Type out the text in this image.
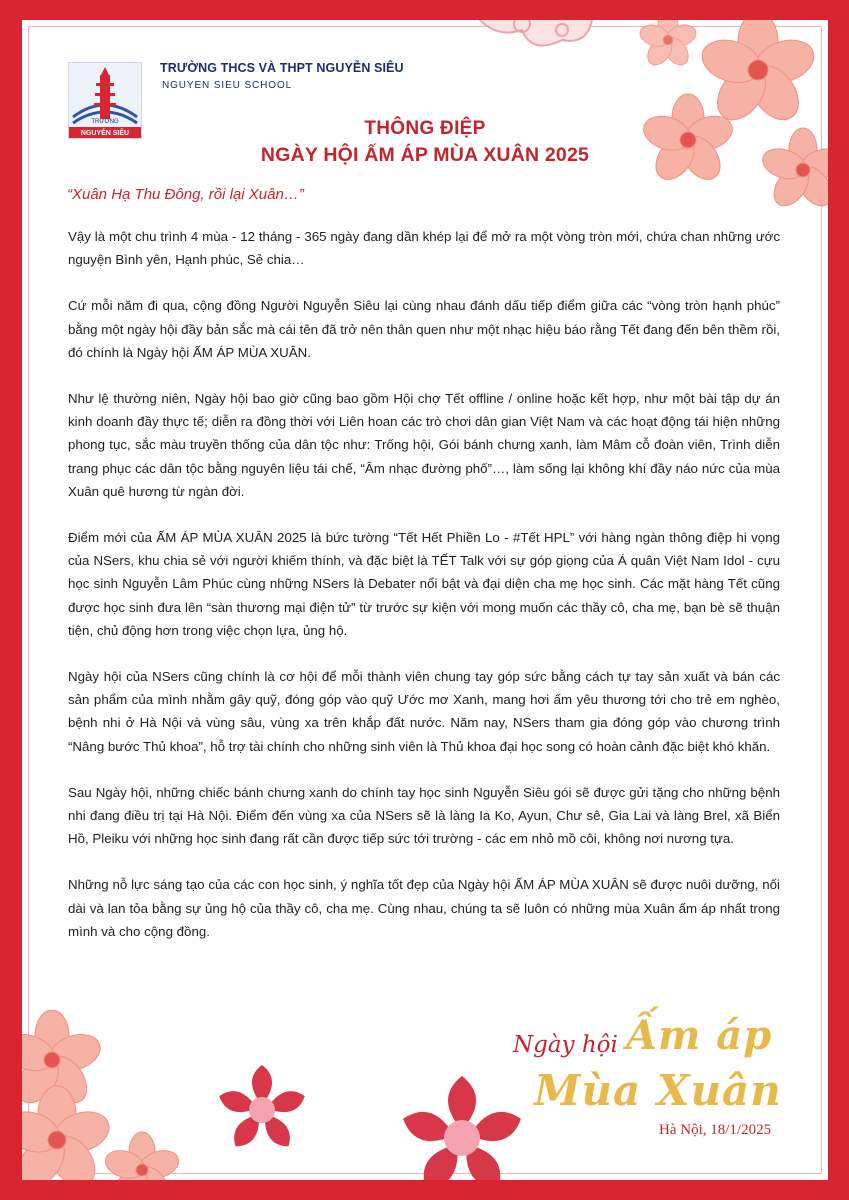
TRƯỜNG
NGUYỄN SIÊU
TRƯỜNG THCS VÀ THPT NGUYỄN SIÊU
NGUYEN SIEU SCHOOL
THÔNG ĐIỆP
NGÀY HỘI ẤM ÁP MÙA XUÂN 2025
“Xuân Hạ Thu Đông, rồi lại Xuân…”

Vậy là một chu trình 4 mùa - 12 tháng - 365 ngày đang dần khép lại để mở ra một vòng tròn mới, chứa chan những ước nguyện Bình yên, Hạnh phúc, Sẻ chia…

Cứ mỗi năm đi qua, cộng đồng Người Nguyễn Siêu lại cùng nhau đánh dấu tiếp điểm giữa các “vòng tròn hạnh phúc” bằng một ngày hội đầy bản sắc mà cái tên đã trở nên thân quen như một nhạc hiệu báo rằng Tết đang đến bên thềm rồi, đó chính là Ngày hội ẤM ÁP MÙA XUÂN.

Như lệ thường niên, Ngày hội bao giờ cũng bao gồm Hội chợ Tết offline / online hoặc kết hợp, như một bài tập dự án kinh doanh đầy thực tế; diễn ra đồng thời với Liên hoan các trò chơi dân gian Việt Nam và các hoạt động tái hiện những phong tục, sắc màu truyền thống của dân tộc như: Trống hội, Gói bánh chưng xanh, làm Mâm cỗ đoàn viên, Trình diễn trang phục các dân tộc bằng nguyên liệu tái chế, “Âm nhạc đường phố”…, làm sống lại không khí đầy náo nức của mùa Xuân quê hương từ ngàn đời.

Điểm mới của ẤM ÁP MÙA XUÂN 2025 là bức tường “Tết Hết Phiền Lo - #Tết HPL” với hàng ngàn thông điệp hi vọng của NSers, khu chia sẻ với người khiếm thính, và đặc biệt là TẾT Talk với sự góp giọng của Á quân Việt Nam Idol - cựu học sinh Nguyễn Lâm Phúc cùng những NSers là Debater nổi bật và đại diện cha mẹ học sinh. Các mặt hàng Tết cũng được học sinh đưa lên “sàn thương mại điện tử” từ trước sự kiện với mong muốn các thầy cô, cha mẹ, bạn bè sẽ thuận tiện, chủ động hơn trong việc chọn lựa, ủng hộ.

Ngày hội của NSers cũng chính là cơ hội để mỗi thành viên chung tay góp sức bằng cách tự tay sản xuất và bán các sản phẩm của mình nhằm gây quỹ, đóng góp vào quỹ Ước mơ Xanh, mang hơi ấm yêu thương tới cho trẻ em nghèo, bệnh nhi ở Hà Nội và vùng sâu, vùng xa trên khắp đất nước. Năm nay, NSers tham gia đóng góp vào chương trình “Nâng bước Thủ khoa”, hỗ trợ tài chính cho những sinh viên là Thủ khoa đại học song có hoàn cảnh đặc biệt khó khăn.

Sau Ngày hội, những chiếc bánh chưng xanh do chính tay học sinh Nguyễn Siêu gói sẽ được gửi tặng cho những bệnh nhi đang điều trị tại Hà Nội. Điểm đến vùng xa của NSers sẽ là làng Ia Ko, Ayun, Chư sê, Gia Lai và làng Brel, xã Biển Hồ, Pleiku với những học sinh đang rất cần được tiếp sức tới trường - các em nhỏ mồ côi, không nơi nương tựa.

Những nỗ lực sáng tạo của các con học sinh, ý nghĩa tốt đẹp của Ngày hội ẤM ÁP MÙA XUÂN sẽ được nuôi dưỡng, nối dài và lan tỏa bằng sự ủng hộ của thầy cô, cha mẹ. Cùng nhau, chúng ta sẽ luôn có những mùa Xuân ấm áp nhất trong mình và cho cộng đồng.

Ngày hội Ấm áp
Mùa Xuân
Hà Nội, 18/1/2025
